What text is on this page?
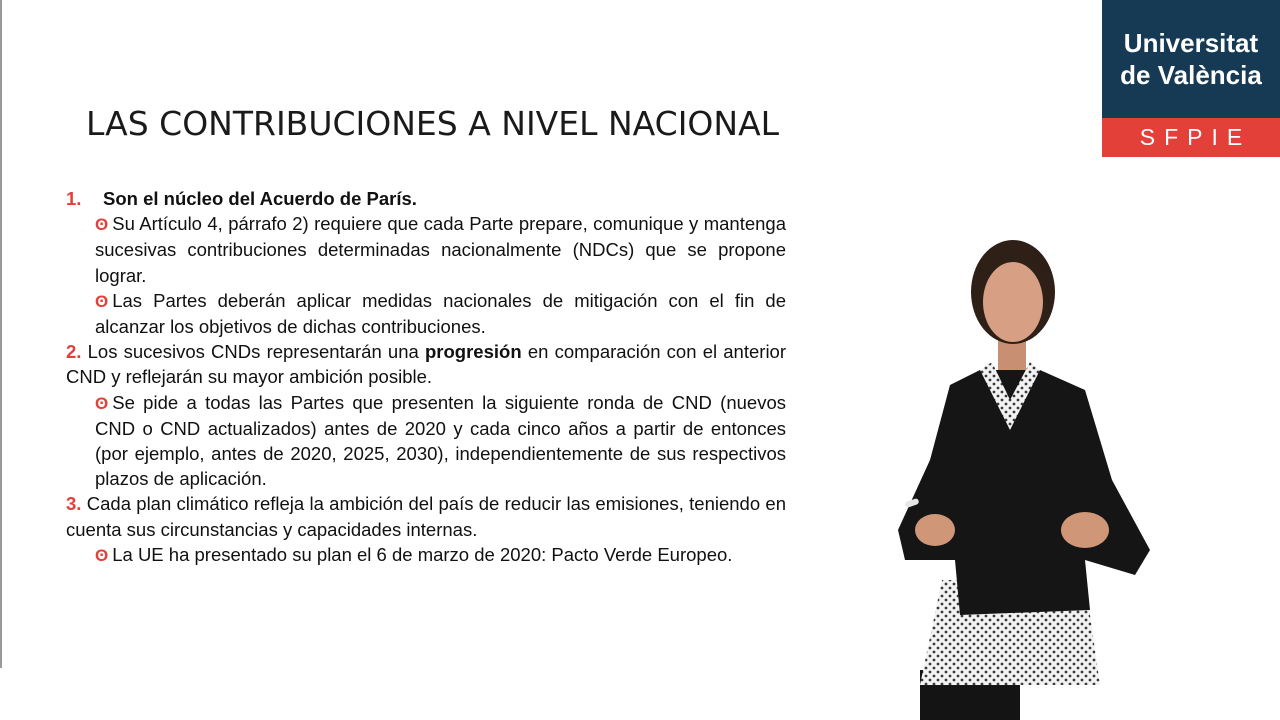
Universitat
de València
SFPIE
LAS CONTRIBUCIONES A NIVEL NACIONAL

1. Son el núcleo del Acuerdo de París.

ʘ Su Artículo 4, párrafo 2) requiere que cada Parte prepare, comunique y mantenga sucesivas contribuciones determinadas nacionalmente (NDCs) que se propone lograr.

ʘ Las Partes deberán aplicar medidas nacionales de mitigación con el fin de alcanzar los objetivos de dichas contribuciones.

2. Los sucesivos CNDs representarán una progresión en comparación con el anterior CND y reflejarán su mayor ambición posible.

ʘ Se pide a todas las Partes que presenten la siguiente ronda de CND (nuevos CND o CND actualizados) antes de 2020 y cada cinco años a partir de entonces (por ejemplo, antes de 2020, 2025, 2030), independientemente de sus respectivos plazos de aplicación.

3. Cada plan climático refleja la ambición del país de reducir las emisiones, teniendo en cuenta sus circunstancias y capacidades internas.

ʘ La UE ha presentado su plan el 6 de marzo de 2020: Pacto Verde Europeo.
